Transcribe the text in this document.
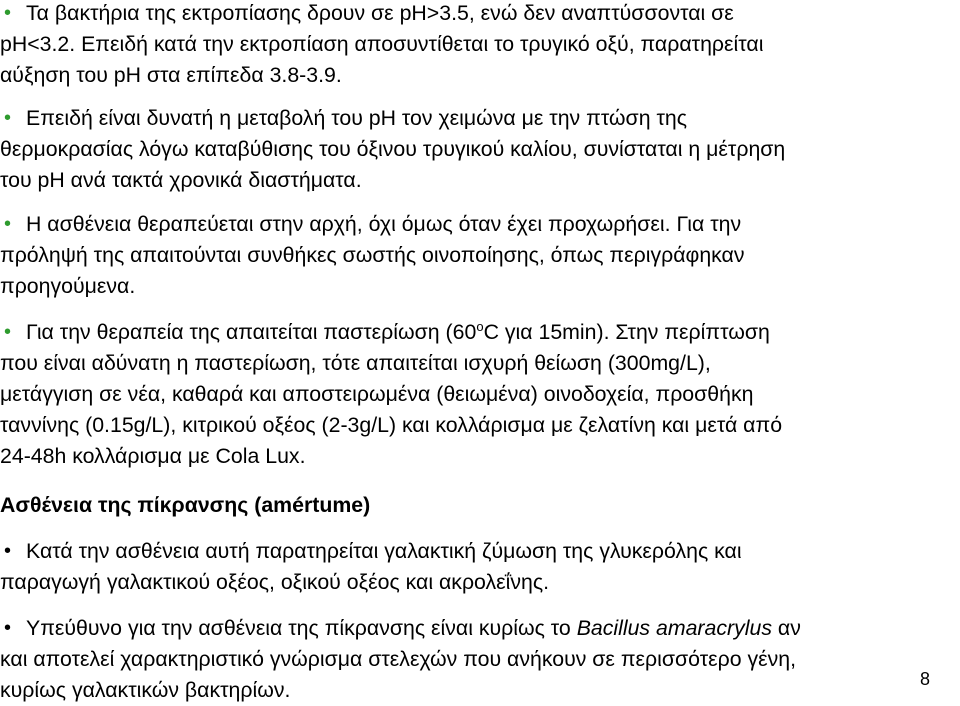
• Τα βακτήρια της εκτροπίασης δρουν σε pH>3.5, ενώ δεν αναπτύσσονται σε
pH<3.2. Επειδή κατά την εκτροπίαση αποσυντίθεται το τρυγικό οξύ, παρατηρείται
αύξηση του pH στα επίπεδα 3.8-3.9.
• Επειδή είναι δυνατή η μεταβολή του pH τον χειμώνα με την πτώση της
θερμοκρασίας λόγω καταβύθισης του όξινου τρυγικού καλίου, συνίσταται η μέτρηση
του pH ανά τακτά χρονικά διαστήματα.
• Η ασθένεια θεραπεύεται στην αρχή, όχι όμως όταν έχει προχωρήσει. Για την
πρόληψή της απαιτούνται συνθήκες σωστής οινοποίησης, όπως περιγράφηκαν
προηγούμενα.
• Για την θεραπεία της απαιτείται παστερίωση (60$^o$C για 15min). Στην περίπτωση
που είναι αδύνατη η παστερίωση, τότε απαιτείται ισχυρή θείωση (300mg/L),
μετάγγιση σε νέα, καθαρά και αποστειρωμένα (θειωμένα) οινοδοχεία, προσθήκη
ταννίνης (0.15g/L), κιτρικού οξέος (2-3g/L) και κολλάρισμα με ζελατίνη και μετά από
24-48h κολλάρισμα με Cola Lux.
Ασθένεια της πίκρανσης (amértume)
• Κατά την ασθένεια αυτή παρατηρείται γαλακτική ζύμωση της γλυκερόλης και
παραγωγή γαλακτικού οξέος, οξικού οξέος και ακρολεΐνης.
• Υπεύθυνο για την ασθένεια της πίκρανσης είναι κυρίως το Bacillus amaracrylus αν
και αποτελεί χαρακτηριστικό γνώρισμα στελεχών που ανήκουν σε περισσότερο γένη,
κυρίως γαλακτικών βακτηρίων.	8
